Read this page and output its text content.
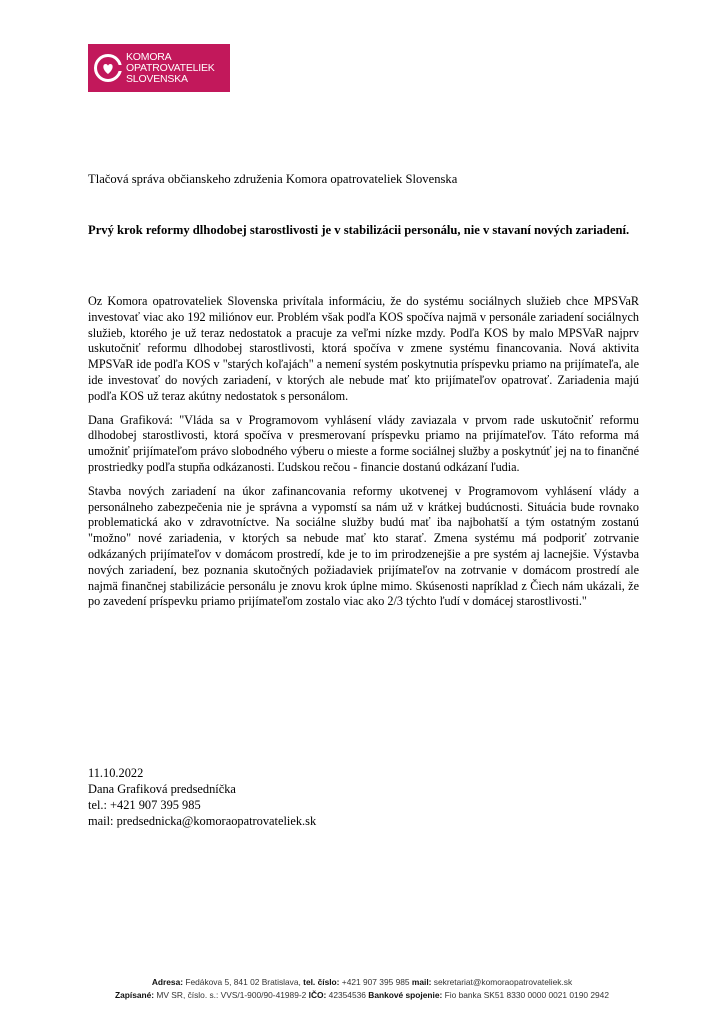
KOMORA
OPATROVATELIEK
SLOVENSKA
Tlačová správa občianskeho združenia Komora opatrovateliek Slovenska
Prvý krok reformy dlhodobej starostlivosti je v stabilizácii personálu, nie v stavaní nových zariadení.

Oz Komora opatrovateliek Slovenska privítala informáciu, že do systému sociálnych služieb chce MPSVaR investovať viac ako 192 miliónov eur. Problém však podľa KOS spočíva najmä v personále zariadení sociálnych služieb, ktorého je už teraz nedostatok a pracuje za veľmi nízke mzdy. Podľa KOS by malo MPSVaR najprv uskutočniť reformu dlhodobej starostlivosti, ktorá spočíva v zmene systému financovania. Nová aktivita MPSVaR ide podľa KOS v "starých koľajách" a nemení systém poskytnutia príspevku priamo na prijímateľa, ale ide investovať do nových zariadení, v ktorých ale nebude mať kto prijímateľov opatrovať. Zariadenia majú podľa KOS už teraz akútny nedostatok s personálom.

Dana Grafiková: "Vláda sa v Programovom vyhlásení vlády zaviazala v prvom rade uskutočniť reformu dlhodobej starostlivosti, ktorá spočíva v presmerovaní príspevku priamo na prijímateľov. Táto reforma má umožniť prijímateľom právo slobodného výberu o mieste a forme sociálnej služby a poskytnúť jej na to finančné prostriedky podľa stupňa odkázanosti. Ľudskou rečou - financie dostanú odkázaní ľudia.

Stavba nových zariadení na úkor zafinancovania reformy ukotvenej v Programovom vyhlásení vlády a personálneho zabezpečenia nie je správna a vypomstí sa nám už v krátkej budúcnosti. Situácia bude rovnako problematická ako v zdravotníctve. Na sociálne služby budú mať iba najbohatší a tým ostatným zostanú "možno" nové zariadenia, v ktorých sa nebude mať kto starať. Zmena systému má podporiť zotrvanie odkázaných prijímateľov v domácom prostredí, kde je to im prirodzenejšie a pre systém aj lacnejšie. Výstavba nových zariadení, bez poznania skutočných požiadaviek prijímateľov na zotrvanie v domácom prostredí ale najmä finančnej stabilizácie personálu je znovu krok úplne mimo. Skúsenosti napríklad z Čiech nám ukázali, že po zavedení príspevku priamo prijímateľom zostalo viac ako 2/3 týchto ľudí v domácej starostlivosti."

11.10.2022
Dana Grafiková predsedníčka
tel.: +421 907 395 985
mail: predsednicka@komoraopatrovateliek.sk
Adresa: Fedákova 5, 841 02 Bratislava, tel. číslo: +421 907 395 985 mail: sekretariat@komoraopatrovateliek.sk
Zapísané: MV SR, číslo. s.: VVS/1-900/90-41989-2 IČO: 42354536 Bankové spojenie: Fio banka SK51 8330 0000 0021 0190 2942
